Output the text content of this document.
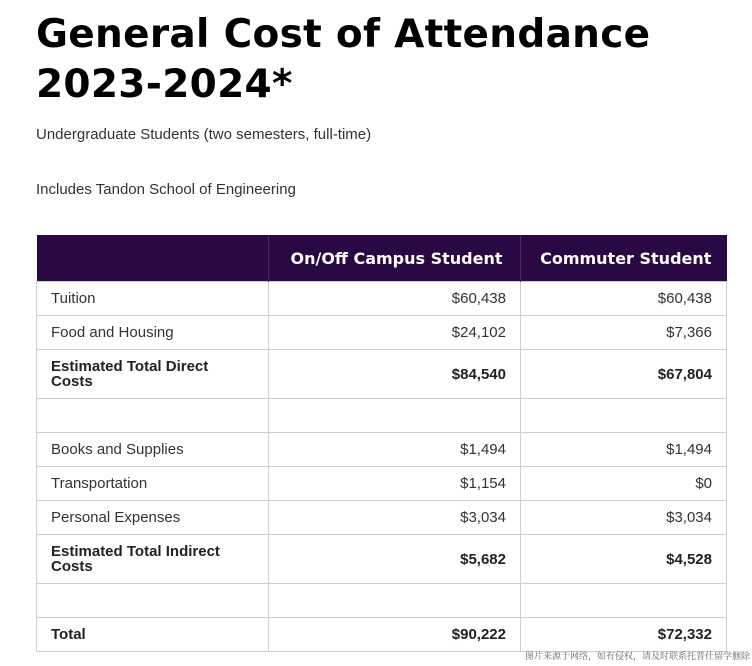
General Cost of Attendance
2023-2024*

Undergraduate Students (two semesters, full-time)

Includes Tandon School of Engineering

	On/Off Campus Student	Commuter Student
Tuition	$60,438	$60,438
Food and Housing	$24,102	$7,366
Estimated Total Direct Costs	$84,540	$67,804

Books and Supplies	$1,494	$1,494
Transportation	$1,154	$0
Personal Expenses	$3,034	$3,034
Estimated Total Indirect Costs	$5,682	$4,528

Total	$90,222	$72,332
图片来源于网络，如有侵权，请及时联系托普仕留学删除
